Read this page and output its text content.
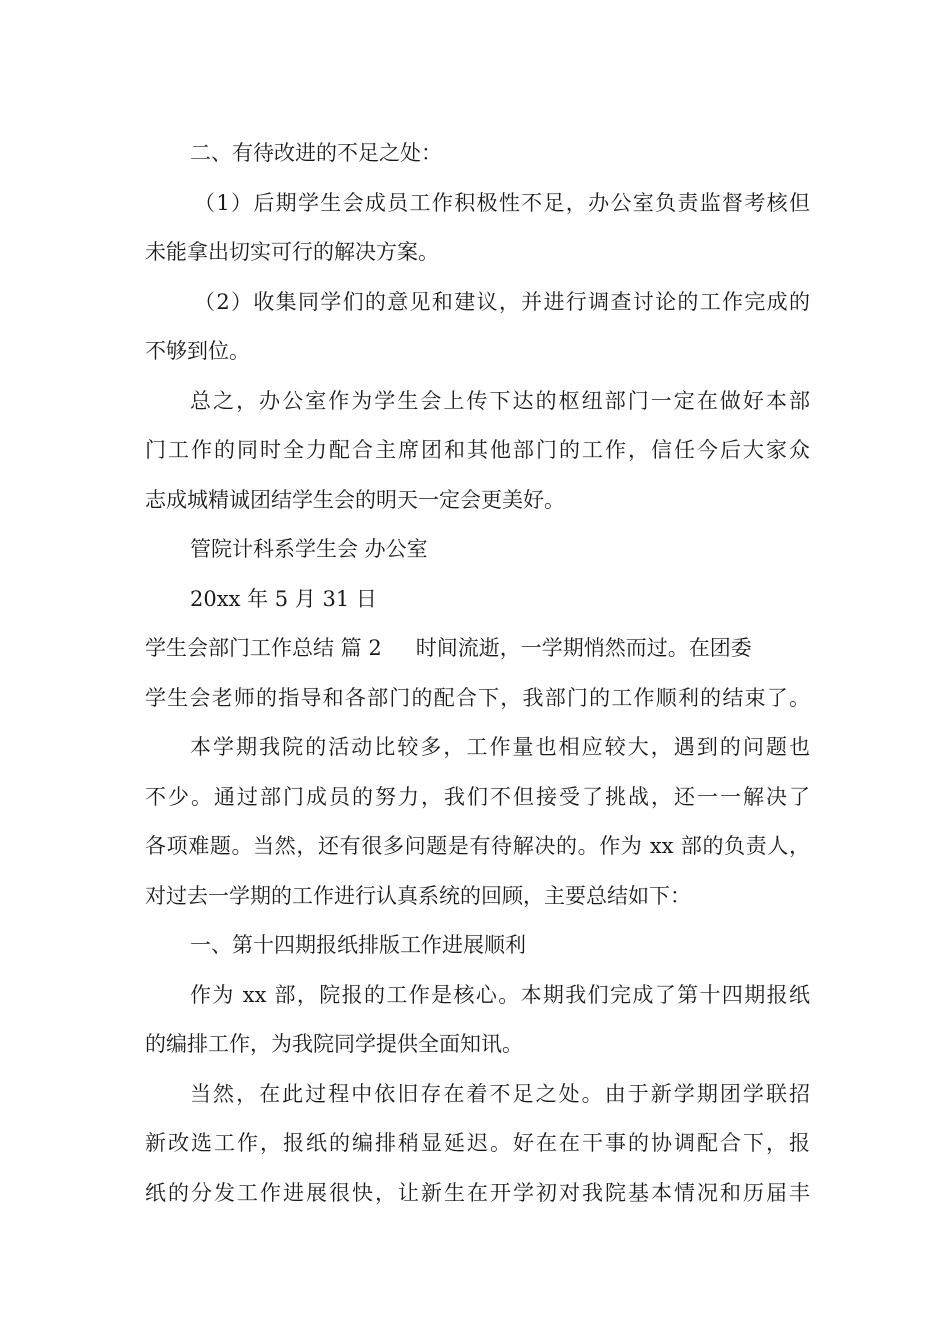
二、有待改进的不足之处：
（1）后期学生会成员工作积极性不足，办公室负责监督考核但
未能拿出切实可行的解决方案。
（2）收集同学们的意见和建议，并进行调查讨论的工作完成的
不够到位。
总之，办公室作为学生会上传下达的枢纽部门一定在做好本部
门工作的同时全力配合主席团和其他部门的工作，信任今后大家众
志成城精诚团结学生会的明天一定会更美好。
管院计科系学生会 办公室
20xx 年 5 月 31 日
学生会部门工作总结 篇 2 时间流逝，一学期悄然而过。在团委
学生会老师的指导和各部门的配合下，我部门的工作顺利的结束了。
本学期我院的活动比较多，工作量也相应较大，遇到的问题也
不少。通过部门成员的努力，我们不但接受了挑战，还一一解决了
各项难题。当然，还有很多问题是有待解决的。作为 xx 部的负责人，
对过去一学期的工作进行认真系统的回顾，主要总结如下：
一、第十四期报纸排版工作进展顺利
作为 xx 部，院报的工作是核心。本期我们完成了第十四期报纸
的编排工作，为我院同学提供全面知讯。
当然，在此过程中依旧存在着不足之处。由于新学期团学联招
新改选工作，报纸的编排稍显延迟。好在在干事的协调配合下，报
纸的分发工作进展很快，让新生在开学初对我院基本情况和历届丰
